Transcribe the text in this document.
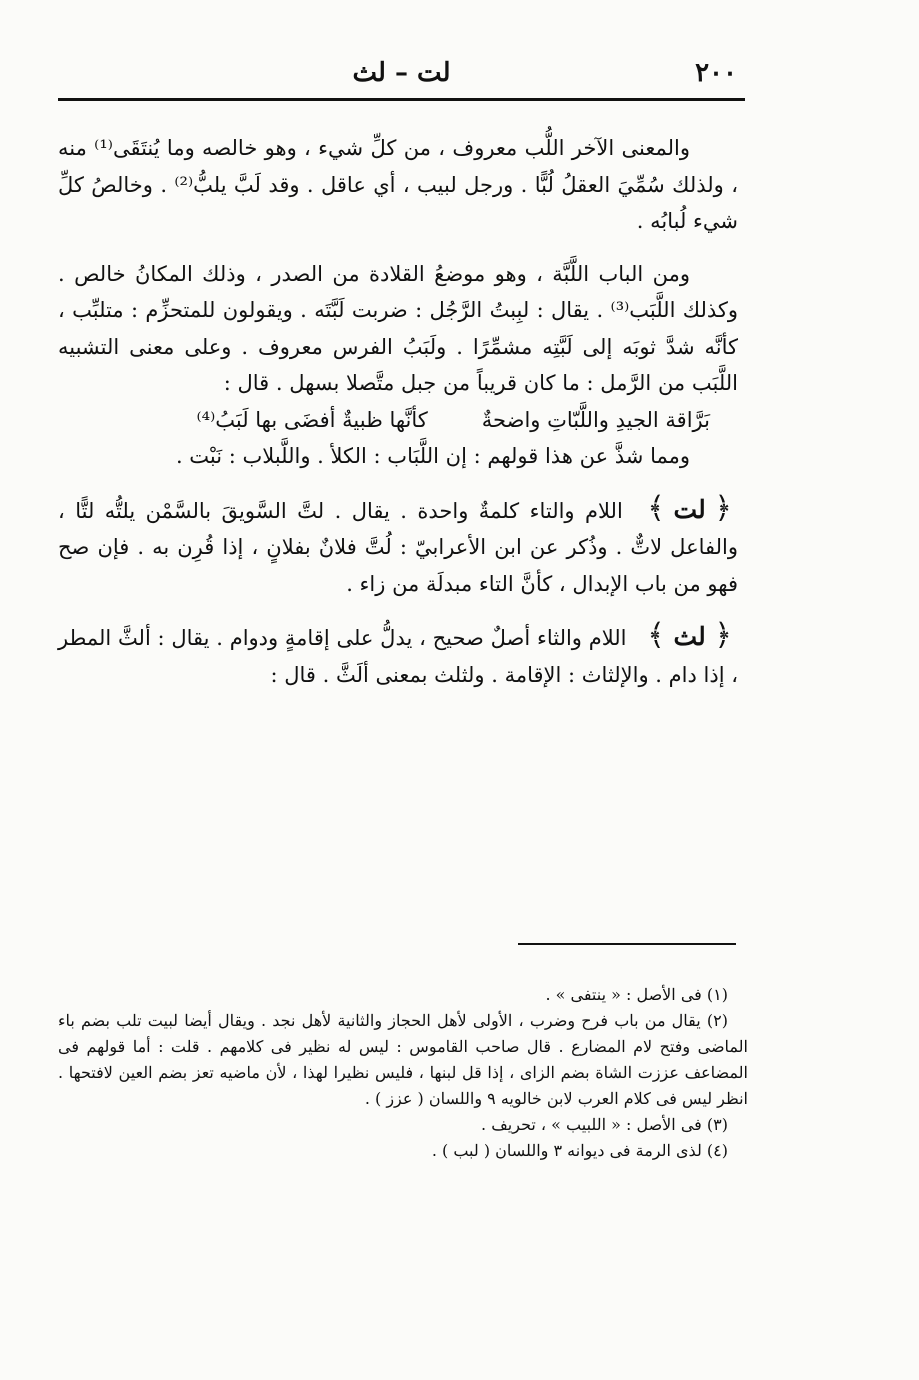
٢٠٠
لت – لث

والمعنى الآخر اللُّب معروف ، من كلِّ شيء ، وهو خالصه وما يُنتَقَى⁽¹⁾ منه ، ولذلك سُمِّيَ العقلُ لُبًّا . ورجل لبيب ، أي عاقل . وقد لَبَّ يلبُّ⁽²⁾ . وخالصُ كلِّ شيء لُبابُه .

ومن الباب اللَّبَّة ، وهو موضعُ القلادة من الصدر ، وذلك المكانُ خالص . وكذلك اللَّبَب⁽³⁾ . يقال : لبِبتُ الرَّجُل : ضربت لَبَّتَه . ويقولون للمتحزِّم : متلبِّب ، كأنَّه شدَّ ثوبَه إلى لَبَّتِه مشمِّرًا . ولَبَبُ الفرس معروف . وعلى معنى التشبيه اللَّبَب من الرَّمل : ما كان قريباً من جبل متَّصلا بسهل . قال :

بَرَّاقة الجيدِ واللَّبّاتِ واضحةٌ
كأنَّها ظبيةٌ أفضَى بها لَبَبُ⁽⁴⁾

ومما شذَّ عن هذا قولهم : إن اللَّبَاب : الكلأ . واللَّبلاب : نَبْت .

﴿ لت ﴾ اللام والتاء كلمةٌ واحدة . يقال . لتَّ السَّويقَ بالسَّمْن يلتُّه لتًّا ، والفاعل لاتٌّ . وذُكر عن ابن الأعرابيّ : لُتَّ فلانٌ بفلانٍ ، إذا قُرِن به . فإن صح فهو من باب الإبدال ، كأنَّ التاء مبدلَة من زاء .

﴿ لث ﴾ اللام والثاء أصلٌ صحيح ، يدلُّ على إقامةٍ ودوام . يقال : ألثَّ المطر ، إذا دام . والإلثاث : الإقامة . ولثلث بمعنى ألَثَّ . قال :

(١) فى الأصل : « ينتفى » .

(٢) يقال من باب فرح وضرب ، الأولى لأهل الحجاز والثانية لأهل نجد . ويقال أيضا لبيت تلب بضم باء الماضى وفتح لام المضارع . قال صاحب القاموس : ليس له نظير فى كلامهم . قلت : أما قولهم فى المضاعف عززت الشاة بضم الزاى ، إذا قل لبنها ، فليس نظيرا لهذا ، لأن ماضيه تعز بضم العين لافتحها . انظر ليس فى كلام العرب لابن خالويه ٩ واللسان ( عزز ) .

(٣) فى الأصل : « اللبيب » ، تحريف .

(٤) لذى الرمة فى ديوانه ٣ واللسان ( لبب ) .
